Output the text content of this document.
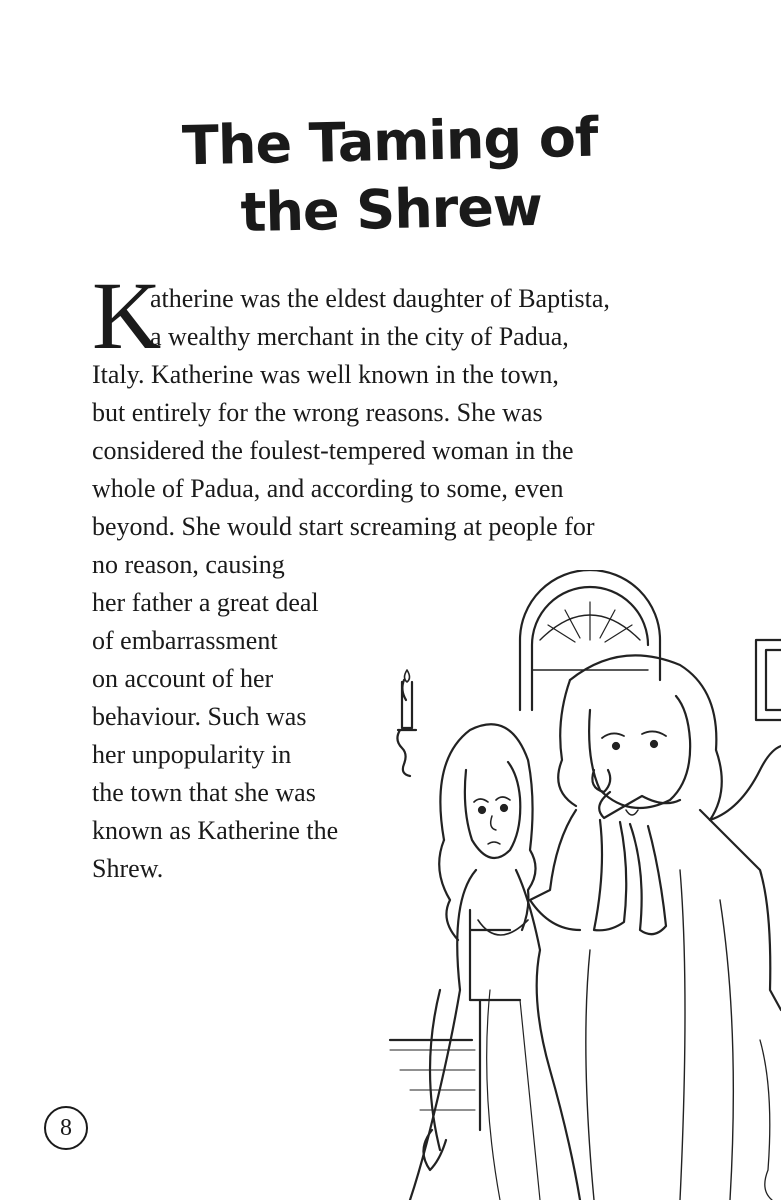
The Taming of
the Shrew
K
atherine was the eldest daughter of Baptista,
a wealthy merchant in the city of Padua,
Italy. Katherine was well known in the town,
but entirely for the wrong reasons. She was
considered the foulest-tempered woman in the
whole of Padua, and according to some, even
beyond. She would start screaming at people for
no reason, causing
her father a great deal
of embarrassment
on account of her
behaviour. Such was
her unpopularity in
the town that she was
known as Katherine the
Shrew.
8
